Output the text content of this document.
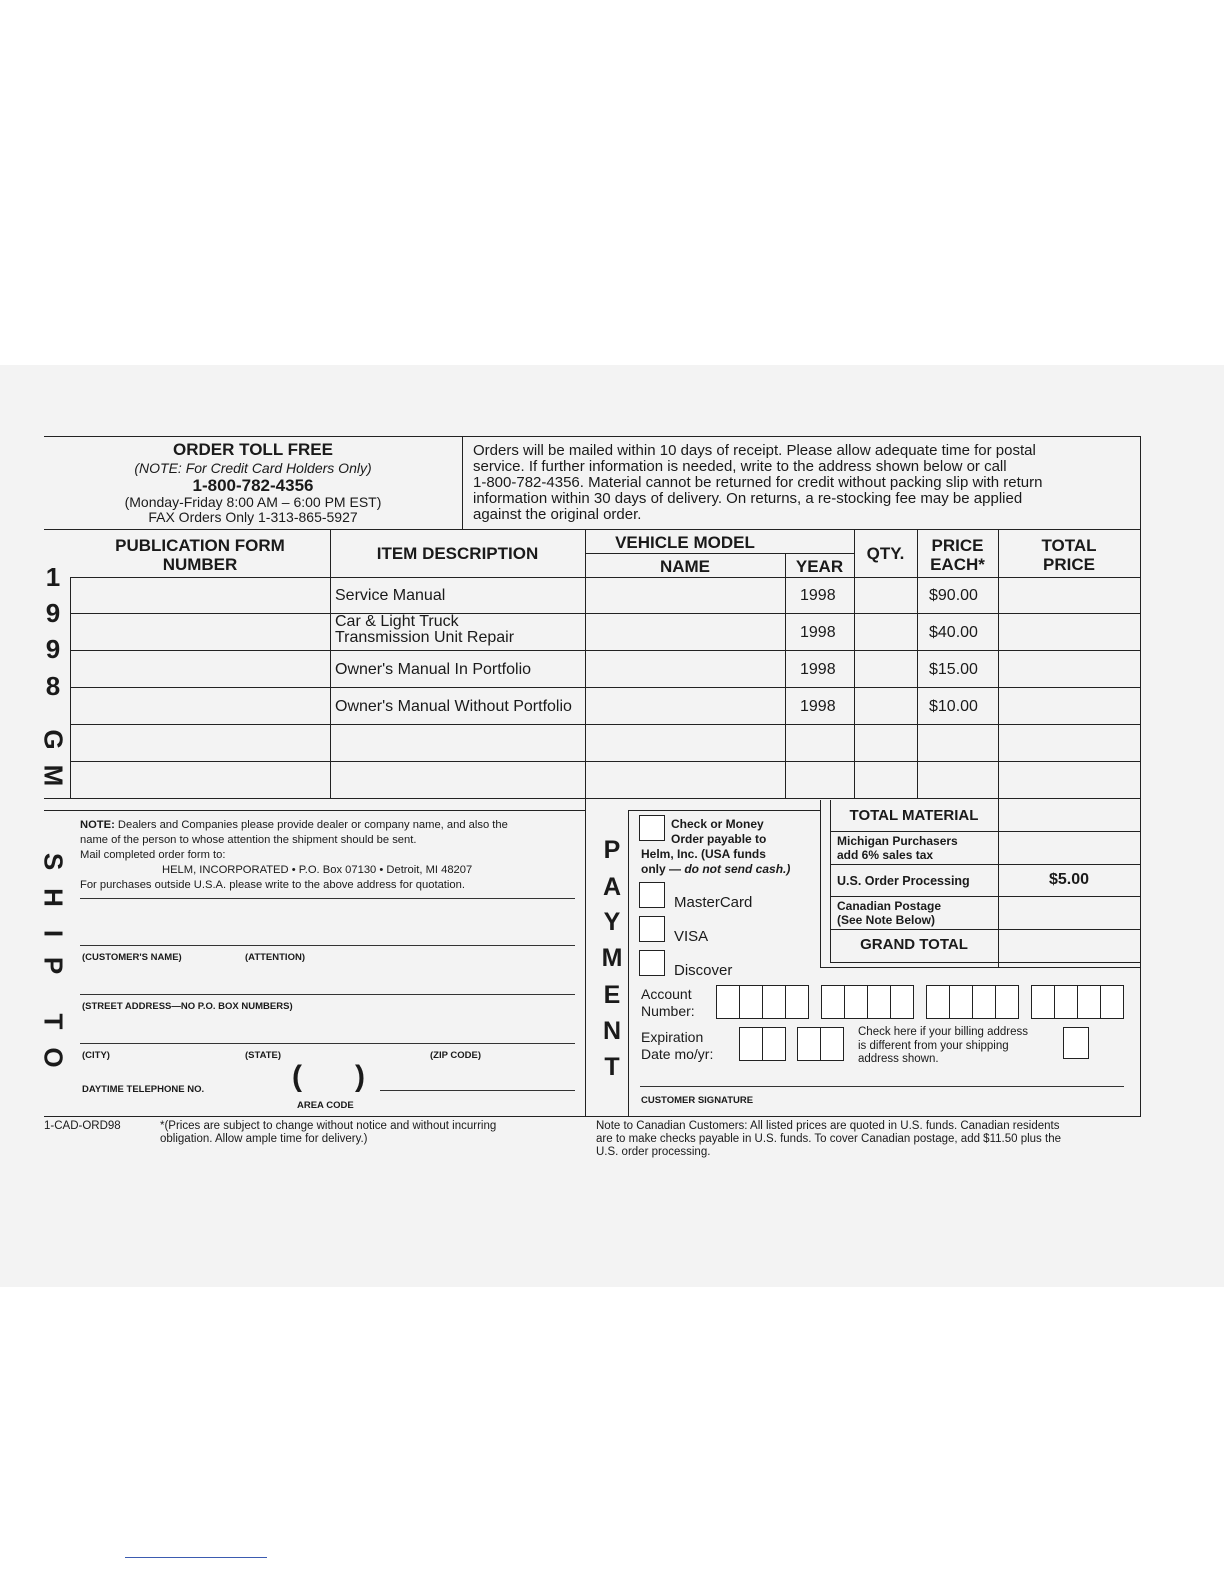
ORDER TOLL FREE
(NOTE: For Credit Card Holders Only)
1-800-782-4356
(Monday-Friday 8:00 AM – 6:00 PM EST)
FAX Orders Only 1-313-865-5927
Orders will be mailed within 10 days of receipt. Please allow adequate time for postal
service. If further information is needed, write to the address shown below or call
1-800-782-4356. Material cannot be returned for credit without packing slip with return
information within 30 days of delivery. On returns, a re-stocking fee may be applied
against the original order.
PUBLICATION FORM
NUMBER
ITEM DESCRIPTION
VEHICLE MODEL
NAME	YEAR
QTY.	PRICE
EACH*
TOTAL
PRICE
Service Manual	1998	$90.00
Car & Light Truck
Transmission Unit Repair	1998	$40.00
Owner's Manual In Portfolio	1998	$15.00
Owner's Manual Without Portfolio	1998	$10.00
1
9
9
8
G
M
S
H
I
P
T
O
NOTE: Dealers and Companies please provide dealer or company name, and also the
name of the person to whose attention the shipment should be sent.
Mail completed order form to:
HELM, INCORPORATED • P.O. Box 07130 • Detroit, MI 48207
For purchases outside U.S.A. please write to the above address for quotation.
(CUSTOMER'S NAME)	(ATTENTION)
(STREET ADDRESS—NO P.O. BOX NUMBERS)
(CITY)	(STATE)	(ZIP CODE)
DAYTIME TELEPHONE NO.	( )
AREA CODE
P
A
Y
M
E
N
T
Check or Money
Order payable to
Helm, Inc. (USA funds
only — do not send cash.)
MasterCard
VISA
Discover
Account
Number:
Expiration
Date mo/yr:
Check here if your billing address
is different from your shipping
address shown.
CUSTOMER SIGNATURE
TOTAL MATERIAL
Michigan Purchasers
add 6% sales tax
U.S. Order Processing	$5.00
Canadian Postage
(See Note Below)
GRAND TOTAL
1-CAD-ORD98	*(Prices are subject to change without notice and without incurring
obligation. Allow ample time for delivery.)
Note to Canadian Customers: All listed prices are quoted in U.S. funds. Canadian residents
are to make checks payable in U.S. funds. To cover Canadian postage, add $11.50 plus the
U.S. order processing.
